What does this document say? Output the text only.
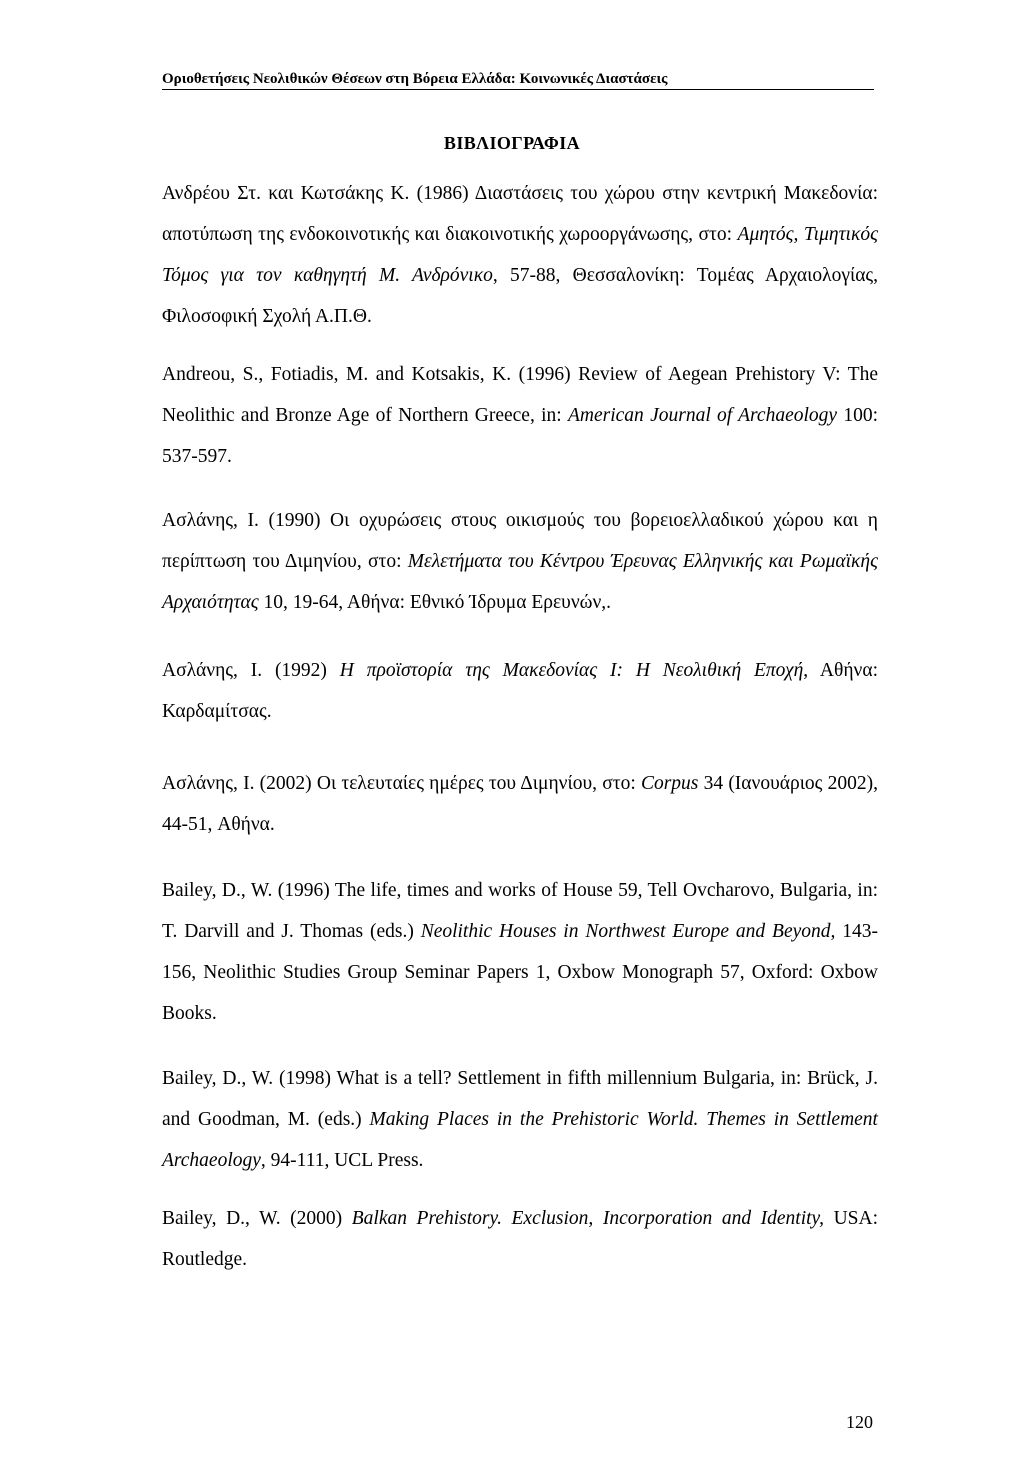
Οριοθετήσεις Νεολιθικών Θέσεων στη Βόρεια Ελλάδα: Κοινωνικές Διαστάσεις
ΒΙΒΛΙΟΓΡΑΦΙΑ

Ανδρέου Στ. και Κωτσάκης Κ. (1986) Διαστάσεις του χώρου στην κεντρική Μακεδονία: αποτύπωση της ενδοκοινοτικής και διακοινοτικής χωροοργάνωσης, στο: Αμητός, Τιμητικός Τόμος για τον καθηγητή Μ. Ανδρόνικο, 57-88, Θεσσαλονίκη: Τομέας Αρχαιολογίας, Φιλοσοφική Σχολή Α.Π.Θ.

Andreou, S., Fotiadis, M. and Kotsakis, K. (1996) Review of Aegean Prehistory V: The Neolithic and Bronze Age of Northern Greece, in: American Journal of Archaeology 100: 537-597.

Ασλάνης, Ι. (1990) Οι οχυρώσεις στους οικισμούς του βορειοελλαδικού χώρου και η περίπτωση του Διμηνίου, στο: Μελετήματα του Κέντρου Έρευνας Ελληνικής και Ρωμαϊκής Αρχαιότητας 10, 19-64, Αθήνα: Εθνικό Ίδρυμα Ερευνών,.

Ασλάνης, Ι. (1992) Η προϊστορία της Μακεδονίας Ι: Η Νεολιθική Εποχή, Αθήνα: Καρδαμίτσας.

Ασλάνης, Ι. (2002) Οι τελευταίες ημέρες του Διμηνίου, στο: Corpus 34 (Ιανουάριος 2002), 44-51, Αθήνα.

Bailey, D., W. (1996) The life, times and works of House 59, Tell Ovcharovo, Bulgaria, in: T. Darvill and J. Thomas (eds.) Neolithic Houses in Northwest Europe and Beyond, 143-156, Neolithic Studies Group Seminar Papers 1, Oxbow Monograph 57, Oxford: Oxbow Books.

Bailey, D., W. (1998) What is a tell? Settlement in fifth millennium Bulgaria, in: Brück, J. and Goodman, M. (eds.) Making Places in the Prehistoric World. Themes in Settlement Archaeology, 94-111, UCL Press.

Bailey, D., W. (2000) Balkan Prehistory. Exclusion, Incorporation and Identity, USA: Routledge.

120
